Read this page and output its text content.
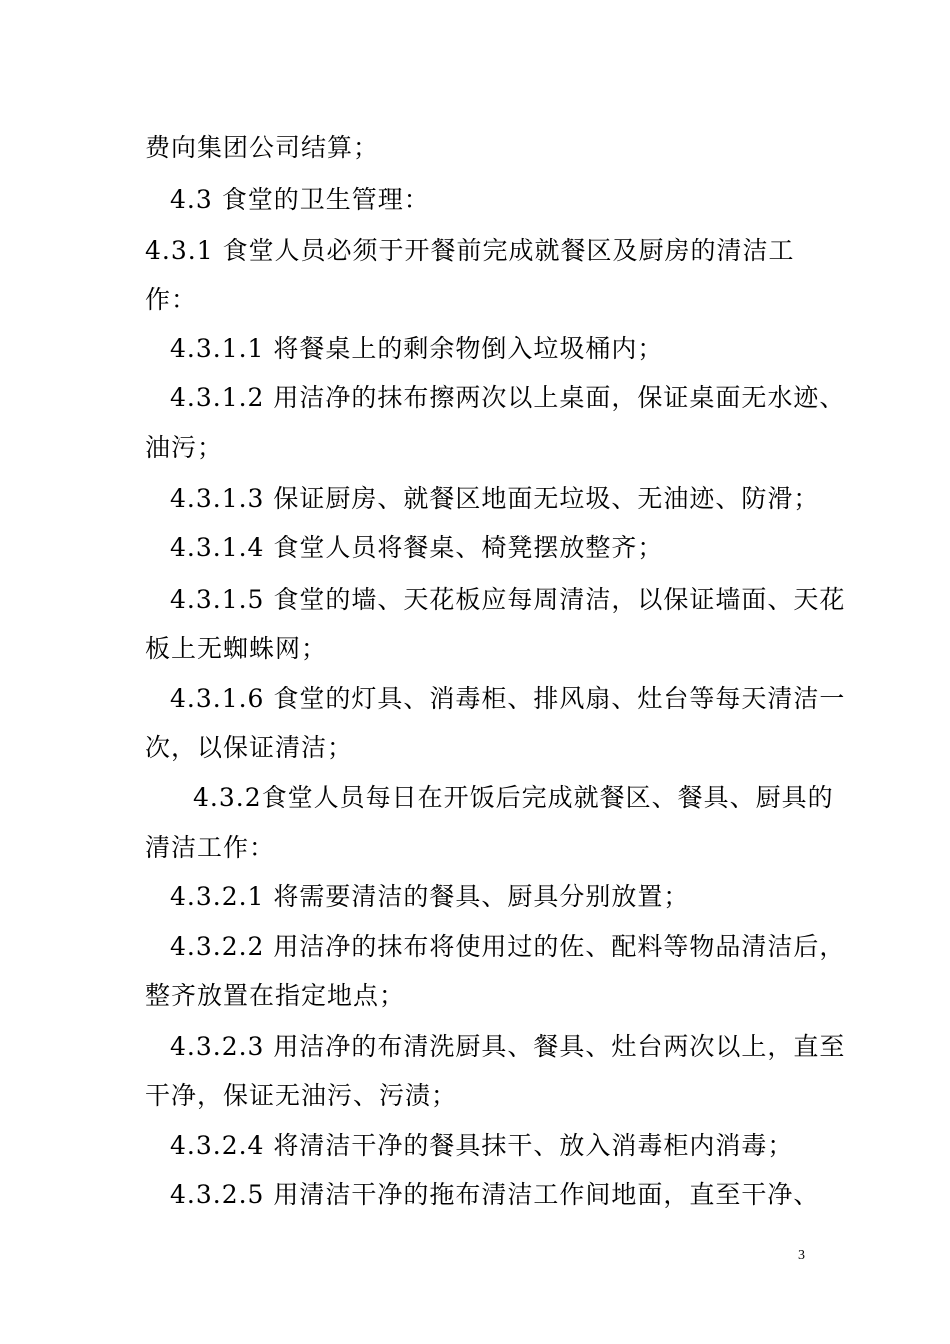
费向集团公司结算；
4.3 食堂的卫生管理：
4.3.1 食堂人员必须于开餐前完成就餐区及厨房的清洁工
作：
4.3.1.1 将餐桌上的剩余物倒入垃圾桶内；
4.3.1.2 用洁净的抹布擦两次以上桌面，保证桌面无水迹、
油污；
4.3.1.3 保证厨房、就餐区地面无垃圾、无油迹、防滑；
4.3.1.4 食堂人员将餐桌、椅凳摆放整齐；
4.3.1.5 食堂的墙、天花板应每周清洁，以保证墙面、天花
板上无蜘蛛网；
4.3.1.6 食堂的灯具、消毒柜、排风扇、灶台等每天清洁一
次，以保证清洁；
4.3.2食堂人员每日在开饭后完成就餐区、餐具、厨具的
清洁工作：
4.3.2.1 将需要清洁的餐具、厨具分别放置；
4.3.2.2 用洁净的抹布将使用过的佐、配料等物品清洁后，
整齐放置在指定地点；
4.3.2.3 用洁净的布清洗厨具、餐具、灶台两次以上，直至
干净，保证无油污、污渍；
4.3.2.4 将清洁干净的餐具抹干、放入消毒柜内消毒；
4.3.2.5 用清洁干净的拖布清洁工作间地面，直至干净、
3
